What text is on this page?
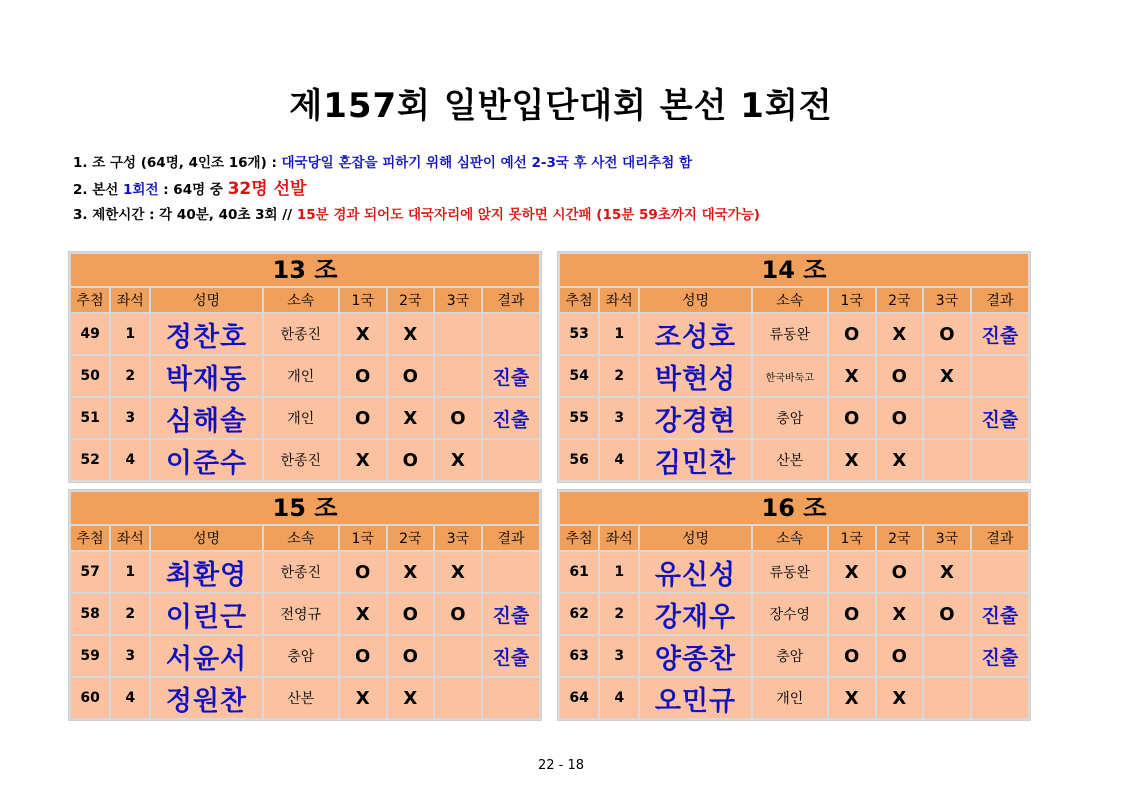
제157회 일반입단대회 본선 1회전
1. 조 구성 (64명, 4인조 16개) : 대국당일 혼잡을 피하기 위해 심판이 예선 2-3국 후 사전 대리추첨 함
2. 본선 1회전 : 64명 중 32명 선발
3. 제한시간 : 각 40분, 40초 3회 // 15분 경과 되어도 대국자리에 앉지 못하면 시간패 (15분 59초까지 대국가능)
13 조
추첨	좌석	성명	소속	1국	2국	3국	결과
49	1	정찬호	한종진	X	X		
50	2	박재동	개인	O	O		진출
51	3	심해솔	개인	O	X	O	진출
52	4	이준수	한종진	X	O	X	
14 조
추첨	좌석	성명	소속	1국	2국	3국	결과
53	1	조성호	류동완	O	X	O	진출
54	2	박현성	한국바둑고	X	O	X	
55	3	강경현	충암	O	O		진출
56	4	김민찬	산본	X	X		
15 조
추첨	좌석	성명	소속	1국	2국	3국	결과
57	1	최환영	한종진	O	X	X	
58	2	이린근	전영규	X	O	O	진출
59	3	서윤서	충암	O	O		진출
60	4	정원찬	산본	X	X		
16 조
추첨	좌석	성명	소속	1국	2국	3국	결과
61	1	유신성	류동완	X	O	X	
62	2	강재우	장수영	O	X	O	진출
63	3	양종찬	충암	O	O		진출
64	4	오민규	개인	X	X		
22 - 18
